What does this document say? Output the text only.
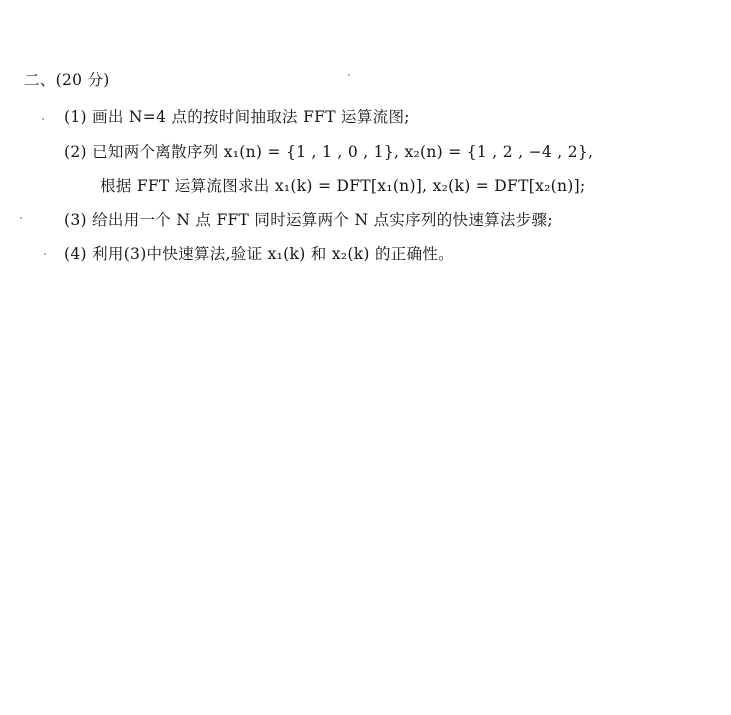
二、(20 分)
(1) 画出 N=4 点的按时间抽取法 FFT 运算流图;
(2) 已知两个离散序列 x₁(n) = {1 , 1 , 0 , 1}, x₂(n) = {1 , 2 , −4 , 2},
根据 FFT 运算流图求出 x₁(k) = DFT[x₁(n)], x₂(k) = DFT[x₂(n)];
(3) 给出用一个 N 点 FFT 同时运算两个 N 点实序列的快速算法步骤;
(4) 利用(3)中快速算法,验证 x₁(k) 和 x₂(k) 的正确性。
